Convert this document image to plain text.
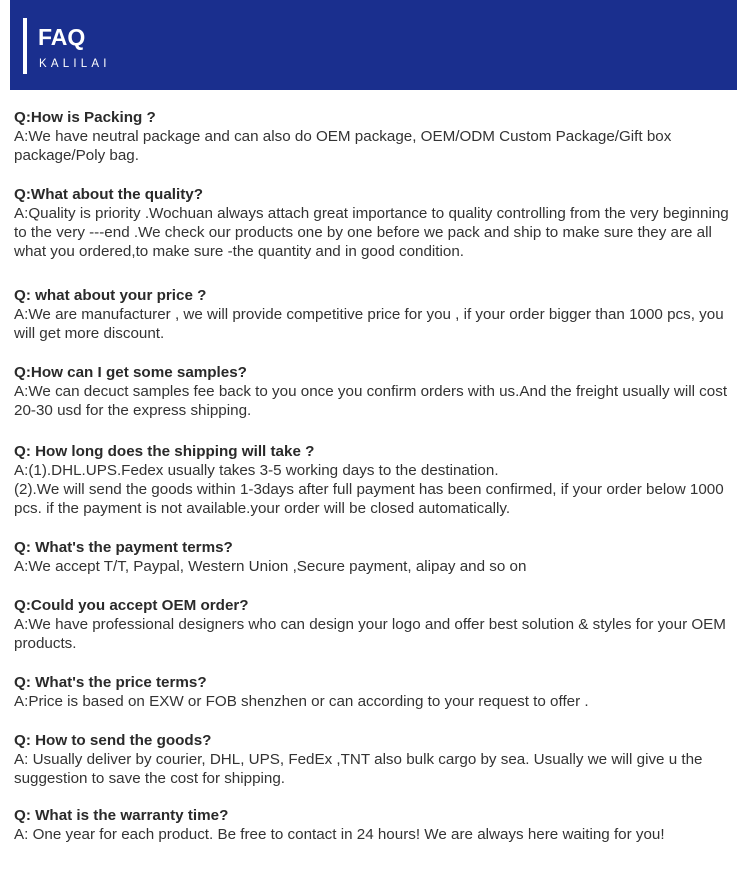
FAQ
KALILAI
Q:How is Packing ?
A:We have neutral package and can also do OEM package, OEM/ODM Custom Package/Gift box package/Poly bag.
Q:What about the quality?
A:Quality is priority .Wochuan always attach great importance to quality controlling from the very beginning to the very ---end .We check our products one by one before we pack and ship to make sure they are all what you ordered,to make sure -the quantity and in good condition.
Q: what about your price ?
A:We are manufacturer , we will provide competitive price for you , if your order bigger than 1000 pcs, you will get more discount.
Q:How can I get some samples?
A:We can decuct samples fee back to you once you confirm orders with us.And the freight usually will cost 20-30 usd for the express shipping.
Q: How long does the shipping will take ?
A:(1).DHL.UPS.Fedex usually takes 3-5 working days to the destination.
(2).We will send the goods within 1-3days after full payment has been confirmed, if your order below 1000 pcs. if the payment is not available.your order will be closed automatically.
Q: What's the payment terms?
A:We accept T/T, Paypal, Western Union ,Secure payment, alipay and so on
Q:Could you accept OEM order?
A:We have professional designers who can design your logo and offer best solution & styles for your OEM products.
Q: What's the price terms?
A:Price is based on EXW or FOB shenzhen or can according to your request to offer .
Q: How to send the goods?
A: Usually deliver by courier, DHL, UPS, FedEx ,TNT also bulk cargo by sea. Usually we will give u the suggestion to save the cost for shipping.
Q: What is the warranty time?
A: One year for each product. Be free to contact in 24 hours! We are always here waiting for you!
